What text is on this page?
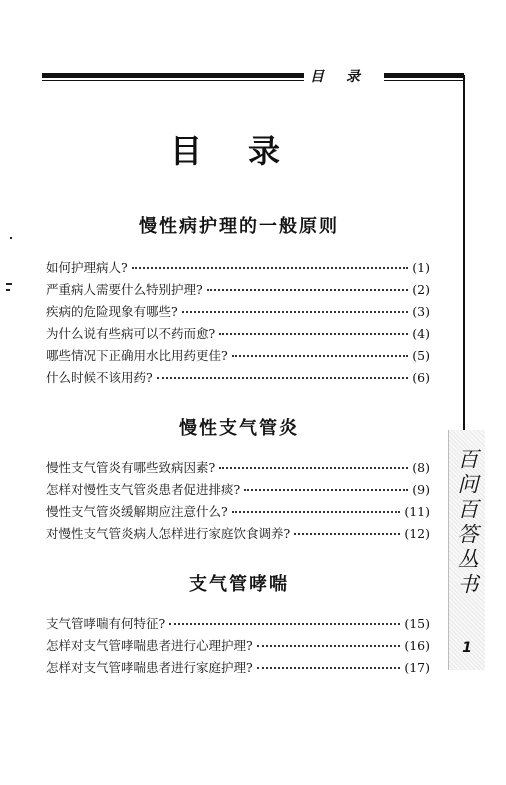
目录
目录
慢性病护理的一般原则
如何护理病人?	(1)
严重病人需要什么特别护理?	(2)
疾病的危险现象有哪些?	(3)
为什么说有些病可以不药而愈?	(4)
哪些情况下正确用水比用药更佳?	(5)
什么时候不该用药?	(6)
慢性支气管炎
慢性支气管炎有哪些致病因素?	(8)
怎样对慢性支气管炎患者促进排痰?	(9)
慢性支气管炎缓解期应注意什么?	(11)
对慢性支气管炎病人怎样进行家庭饮食调养?	(12)
支气管哮喘
支气管哮喘有何特征?	(15)
怎样对支气管哮喘患者进行心理护理?	(16)
怎样对支气管哮喘患者进行家庭护理?	(17)
百问百答丛书
1
